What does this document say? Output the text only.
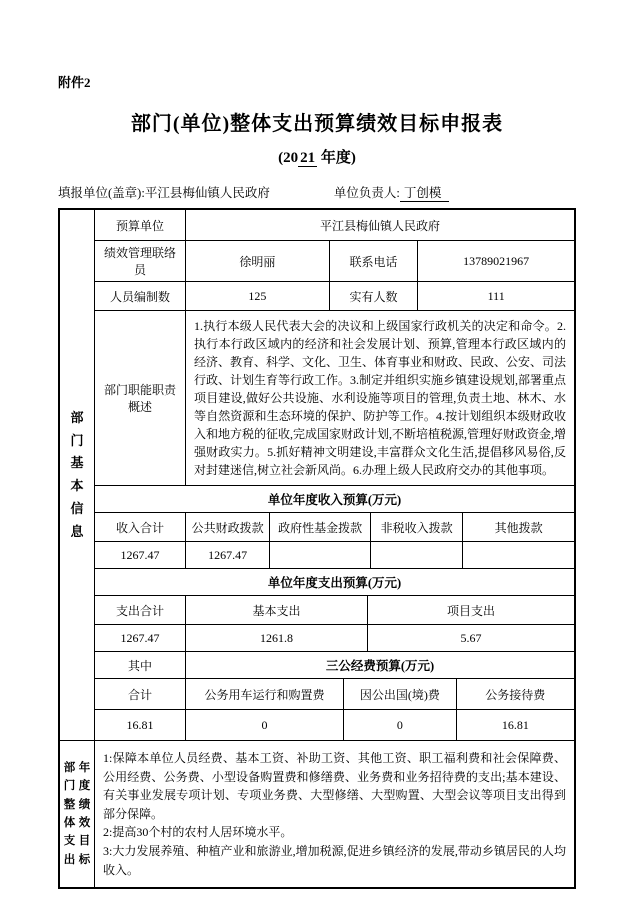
附件2
部门(单位)整体支出预算绩效目标申报表
(20 21 年度)
填报单位(盖章):平江县梅仙镇人民政府	单位负责人: 丁创模
部门基本信息
预算单位	平江县梅仙镇人民政府
绩效管理联络员
徐明丽	联系电话	13789021967
人员编制数	125	实有人数	111
部门职能职责概述
1.执行本级人民代表大会的决议和上级国家行政机关的决定和命令。2.执行本行政区域内的经济和社会发展计划、预算,管理本行政区域内的经济、教育、科学、文化、卫生、体育事业和财政、民政、公安、司法行政、计划生育等行政工作。3.制定并组织实施乡镇建设规划,部署重点项目建设,做好公共设施、水利设施等项目的管理,负责土地、林木、水等自然资源和生态环境的保护、防护等工作。4.按计划组织本级财政收入和地方税的征收,完成国家财政计划,不断培植税源,管理好财政资金,增强财政实力。5.抓好精神文明建设,丰富群众文化生活,提倡移风易俗,反对封建迷信,树立社会新风尚。6.办理上级人民政府交办的其他事项。
单位年度收入预算(万元)
收入合计	公共财政拨款	政府性基金拨款	非税收入拨款	其他拨款
1267.47	1267.47
单位年度支出预算(万元)
支出合计	基本支出	项目支出
1267.47	1261.8	5.67
其中	三公经费预算(万元)
合计	公务用车运行和购置费	因公出国(境)费	公务接待费
16.81	0	0	16.81
部门整体支出
年度绩效目标

1:保障本单位人员经费、基本工资、补助工资、其他工资、职工福利费和社会保障费、公用经费、公务费、小型设备购置费和修缮费、业务费和业务招待费的支出;基本建设、有关事业发展专项计划、专项业务费、大型修缮、大型购置、大型会议等项目支出得到部分保障。

2:提高30个村的农村人居环境水平。

3:大力发展养殖、种植产业和旅游业,增加税源,促进乡镇经济的发展,带动乡镇居民的人均收入。
